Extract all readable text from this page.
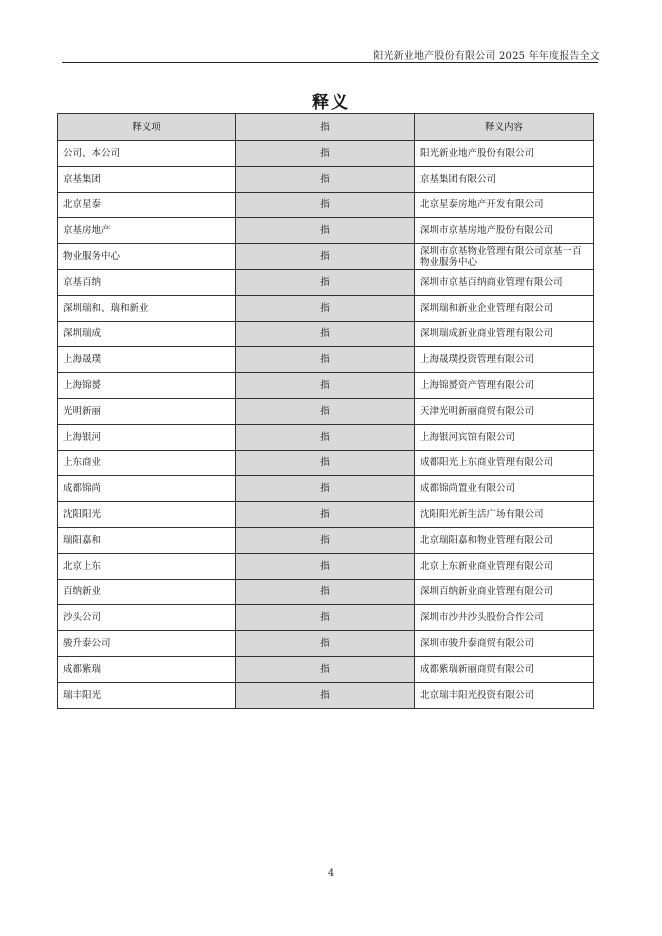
阳光新业地产股份有限公司 2025 年年度报告全文
释义
释义项	指	释义内容
公司、本公司	指	阳光新业地产股份有限公司
京基集团	指	京基集团有限公司
北京星泰	指	北京星泰房地产开发有限公司
京基房地产	指	深圳市京基房地产股份有限公司
物业服务中心	指	深圳市京基物业管理有限公司京基一百物业服务中心
京基百纳	指	深圳市京基百纳商业管理有限公司
深圳瑞和、瑞和新业	指	深圳瑞和新业企业管理有限公司
深圳瑞成	指	深圳瑞成新业商业管理有限公司
上海晟璞	指	上海晟璞投资管理有限公司
上海锦赟	指	上海锦赟资产管理有限公司
光明新丽	指	天津光明新丽商贸有限公司
上海银河	指	上海银河宾馆有限公司
上东商业	指	成都阳光上东商业管理有限公司
成都锦尚	指	成都锦尚置业有限公司
沈阳阳光	指	沈阳阳光新生活广场有限公司
瑞阳嘉和	指	北京瑞阳嘉和物业管理有限公司
北京上东	指	北京上东新业商业管理有限公司
百纳新业	指	深圳百纳新业商业管理有限公司
沙头公司	指	深圳市沙井沙头股份合作公司
骏升泰公司	指	深圳市骏升泰商贸有限公司
成都紫瑞	指	成都紫瑞新丽商贸有限公司
瑞丰阳光	指	北京瑞丰阳光投资有限公司
4
